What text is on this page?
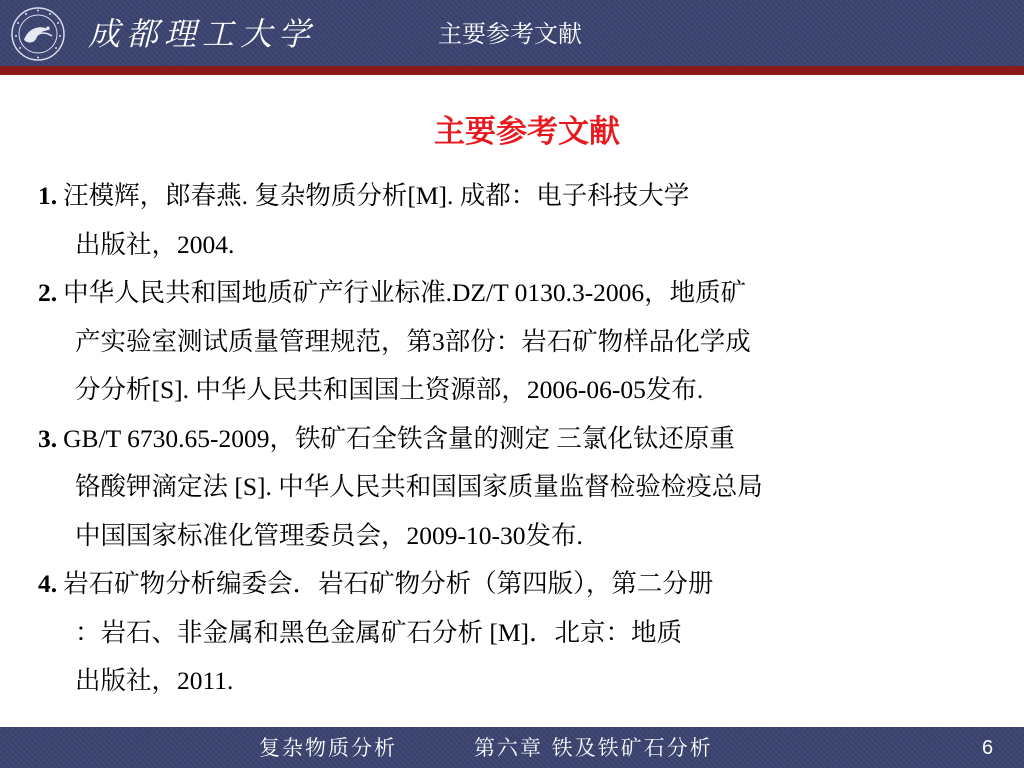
成都理工大学	主要参考文献
主要参考文献
1. 汪模辉，郎春燕. 复杂物质分析[M]. 成都：电子科技大学
出版社，2004.
2. 中华人民共和国地质矿产行业标准.DZ/T 0130.3-2006，地质矿
产实验室测试质量管理规范，第3部份：岩石矿物样品化学成
分分析[S]. 中华人民共和国国土资源部，2006-06-05发布.
3. GB/T 6730.65-2009，铁矿石全铁含量的测定 三氯化钛还原重
铬酸钾滴定法 [S]. 中华人民共和国国家质量监督检验检疫总局
中国国家标准化管理委员会，2009-10-30发布.
4. 岩石矿物分析编委会．岩石矿物分析（第四版），第二分册
：岩石、非金属和黑色金属矿石分析 [M]．北京：地质
出版社，2011.
复杂物质分析	第六章 铁及铁矿石分析	6
